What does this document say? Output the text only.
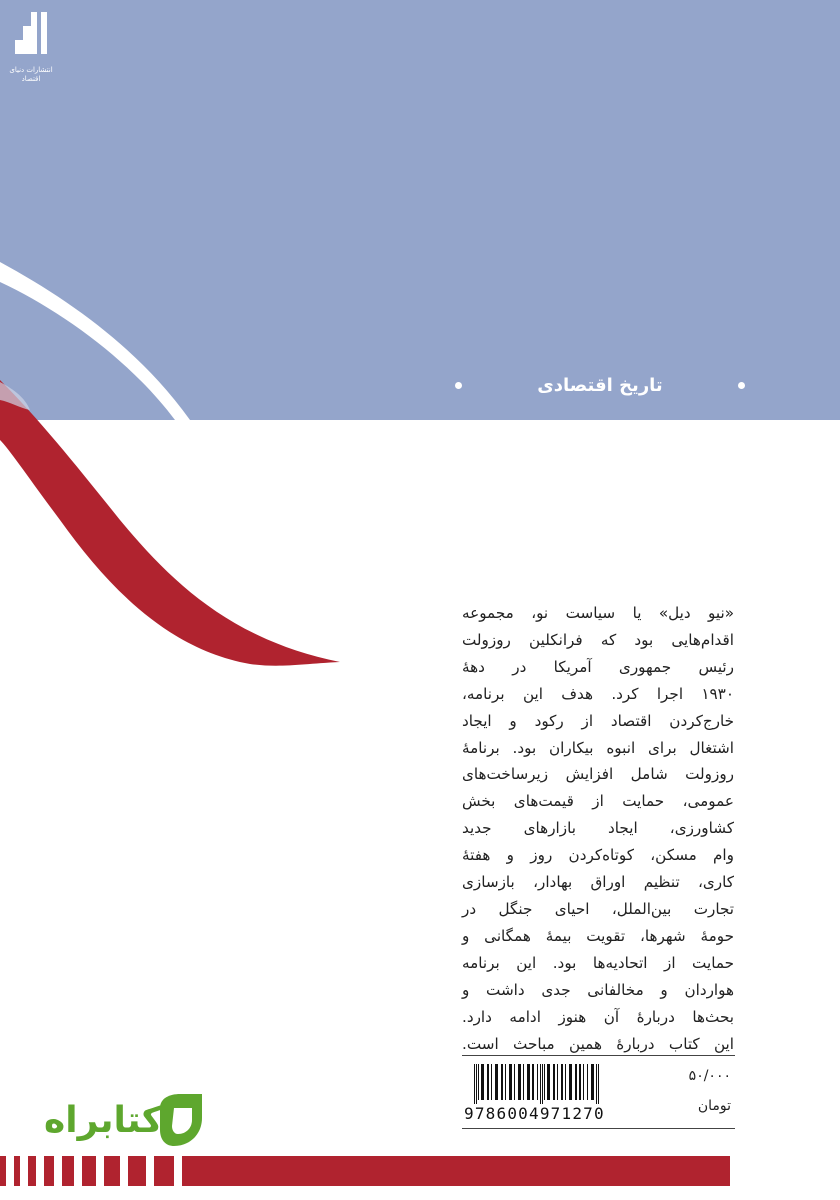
انتشارات دنیای اقتصاد
تاریخ اقتصادی

«نیو دیل» یا سیاست نو، مجموعه
اقدام‌هایی بود که فرانکلین روزولت
رئیس جمهوری آمریکا در دهۀ
۱۹۳۰ اجرا کرد. هدف این برنامه،
خارج‌کردن اقتصاد از رکود و ایجاد
اشتغال برای انبوه بیکاران بود. برنامۀ
روزولت شامل افزایش زیرساخت‌های
عمومی، حمایت از قیمت‌های بخش
کشاورزی، ایجاد بازارهای جدید
وام مسکن، کوتاه‌کردن روز و هفتۀ
کاری، تنظیم اوراق بهادار، بازسازی
تجارت بین‌الملل، احیای جنگل در
حومۀ شهرها، تقویت بیمۀ همگانی و
حمایت از اتحادیه‌ها بود. این برنامه
هواردان و مخالفانی جدی داشت و
بحث‌ها دربارۀ آن هنوز ادامه دارد.
این کتاب دربارۀ همین مباحث است.

9786004971270
۵۰/۰۰۰
تومان
کتابراه
